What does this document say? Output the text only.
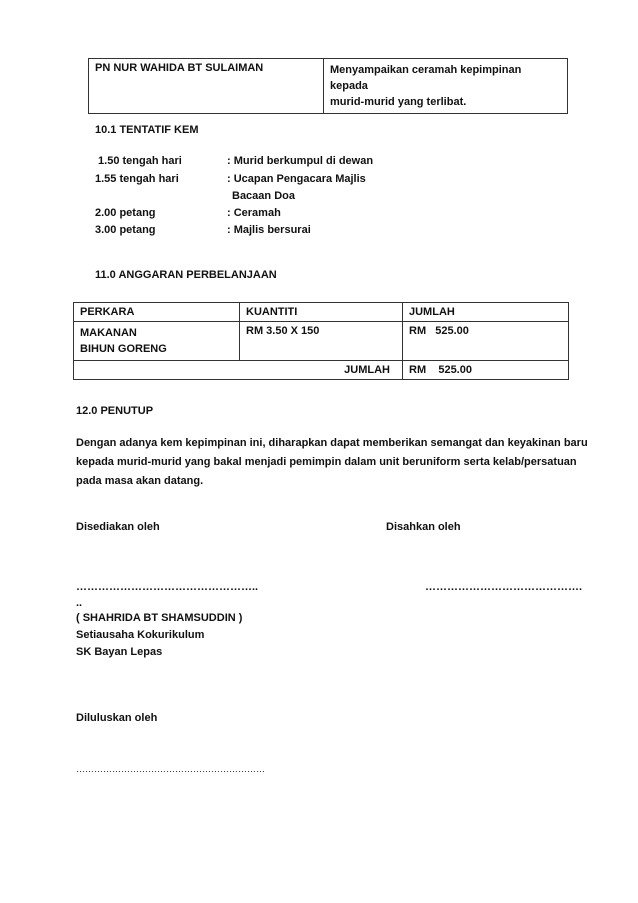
PN NUR WAHIDA BT SULAIMAN	Menyampaikan ceramah kepimpinan kepada
murid-murid yang terlibat.
10.1 TENTATIF KEM
1.50 tengah hari	: Murid berkumpul di dewan
1.55 tengah hari	: Ucapan Pengacara Majlis
Bacaan Doa
2.00 petang	: Ceramah
3.00 petang	: Majlis bersurai
11.0 ANGGARAN PERBELANJAAN
PERKARA	KUANTITI	JUMLAH
MAKANAN
BIHUN GORENG	RM 3.50 X 150	RM   525.00
JUMLAH		RM    525.00
12.0 PENUTUP
Dengan adanya kem kepimpinan ini, diharapkan dapat memberikan semangat dan keyakinan baru
kepada murid-murid yang bakal menjadi pemimpin dalam unit beruniform serta kelab/persatuan
pada masa akan datang.
Disediakan oleh	Disahkan oleh
…………………………………………..	…………………………………….
..
( SHAHRIDA BT SHAMSUDDIN )
Setiausaha Kokurikulum
SK Bayan Lepas
Diluluskan oleh
………………………………………………………
